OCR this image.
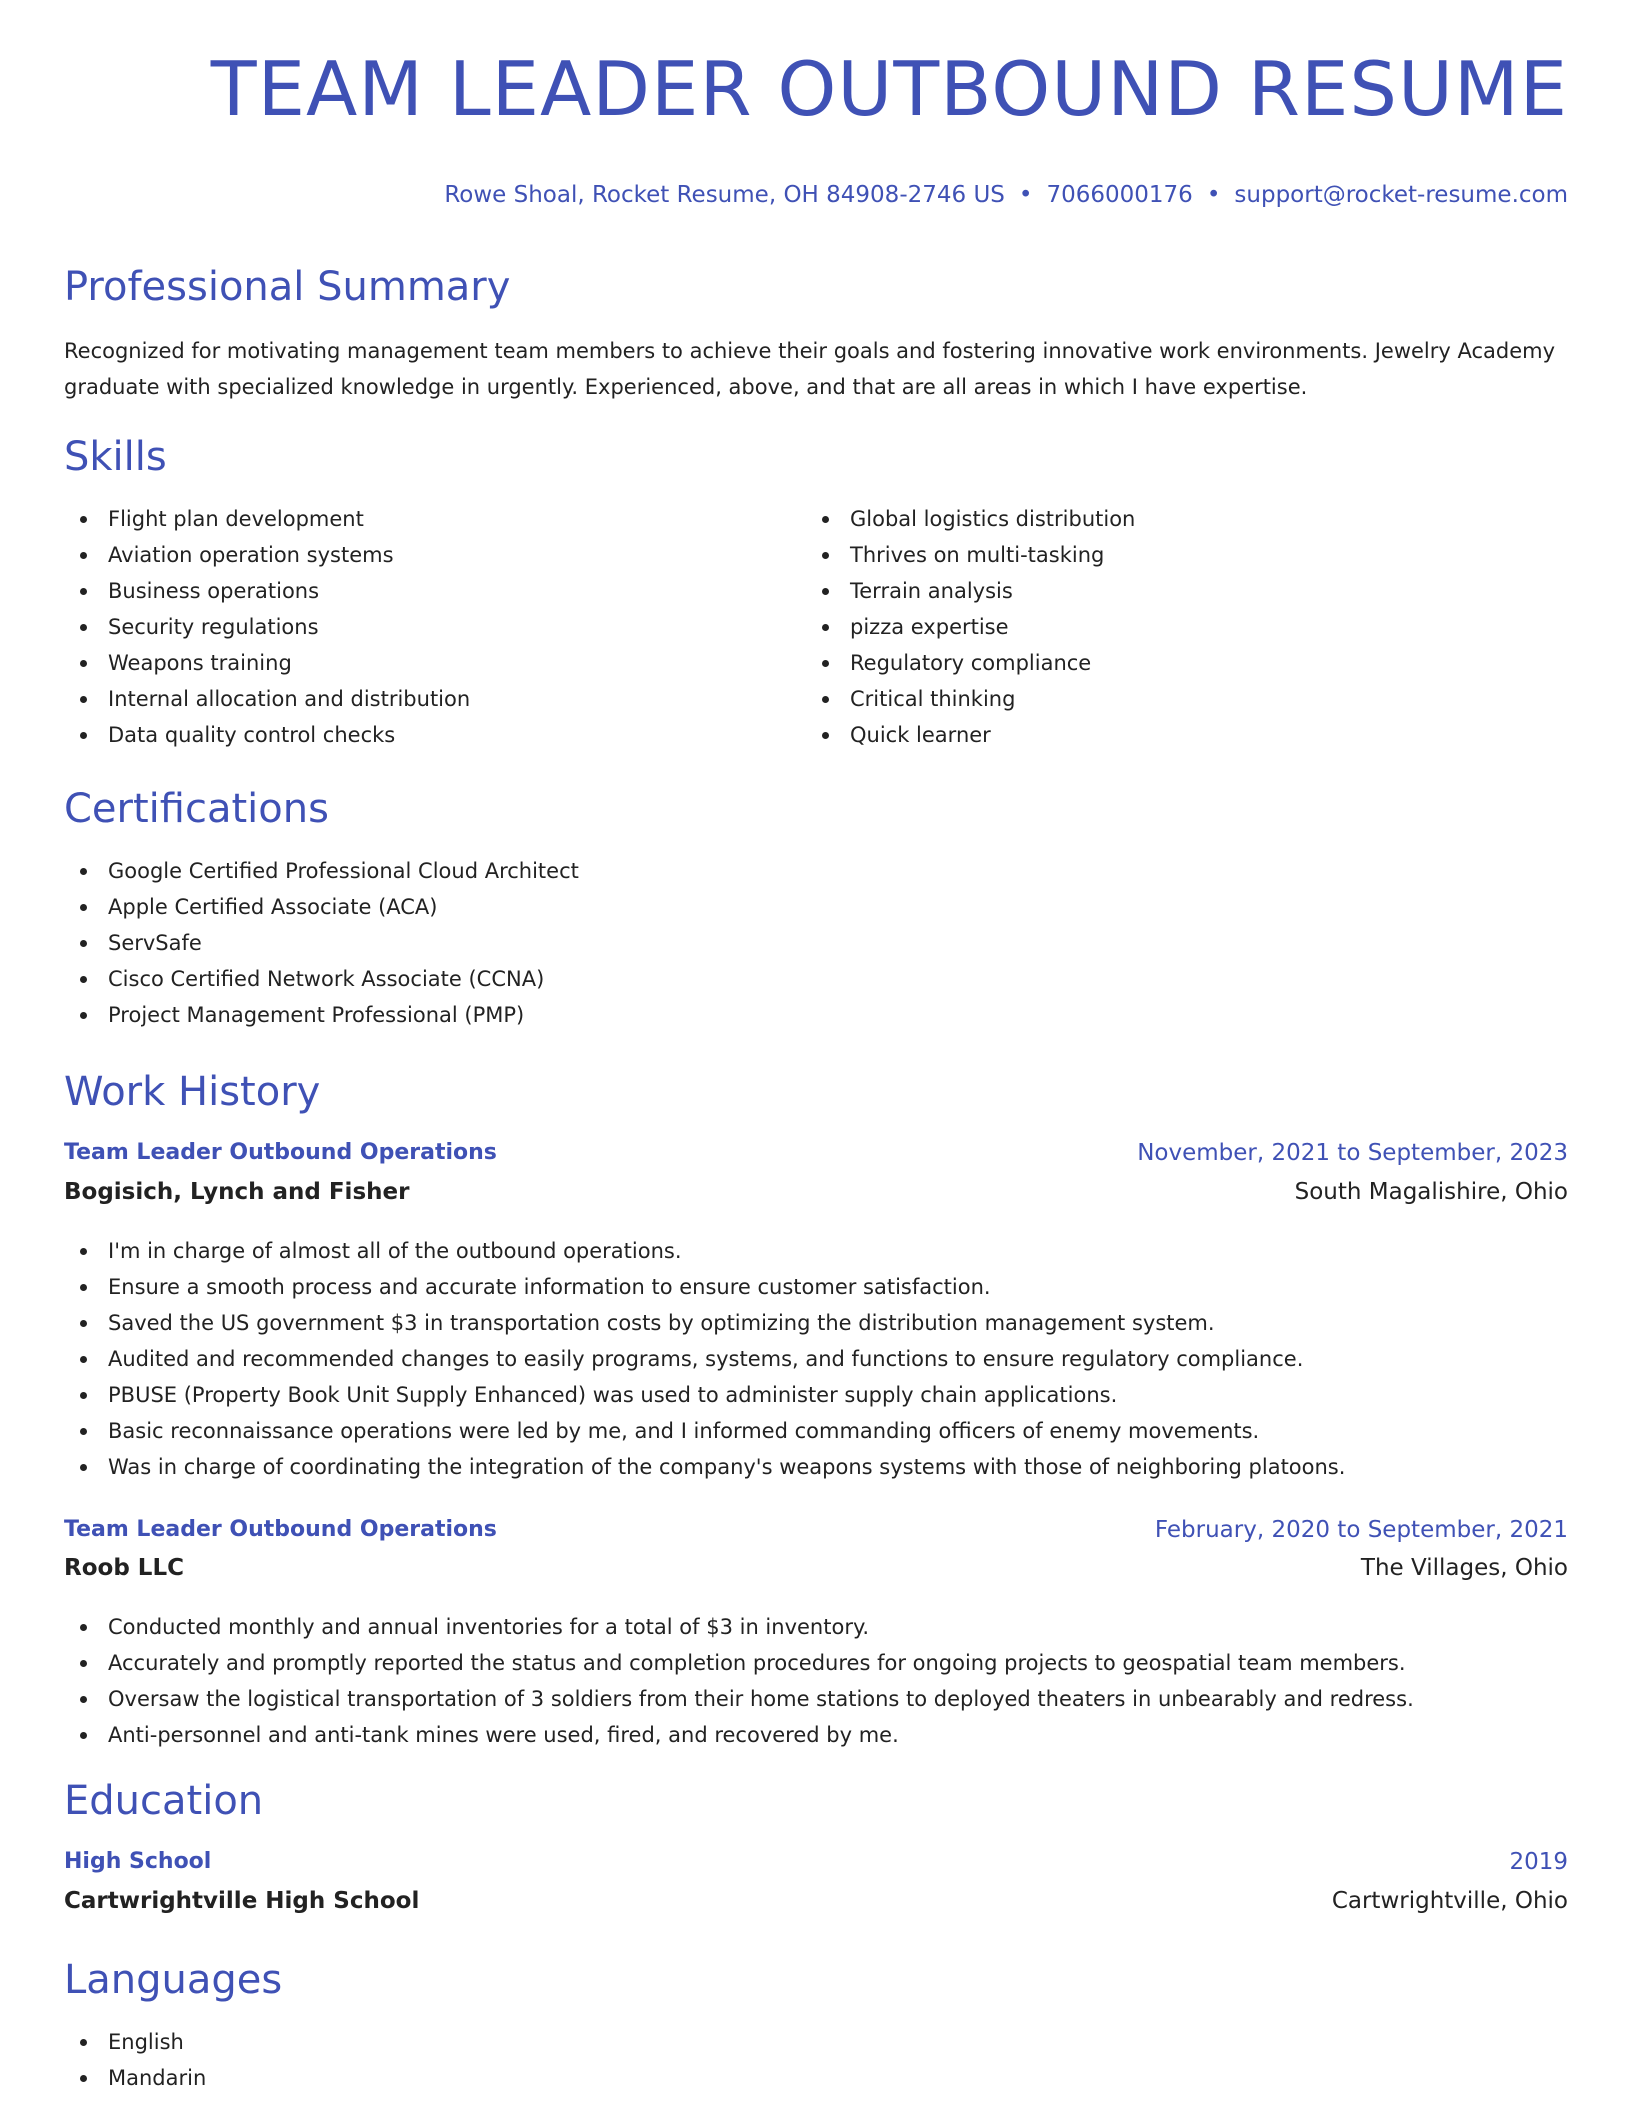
TEAM LEADER OUTBOUND RESUME
Rowe Shoal, Rocket Resume, OH 84908-2746 US • 7066000176 • support@rocket-resume.com
Professional Summary

Recognized for motivating management team members to achieve their goals and fostering innovative work environments. Jewelry Academy graduate with specialized knowledge in urgently. Experienced, above, and that are all areas in which I have expertise.

Skills
Flight plan development
Aviation operation systems
Business operations
Security regulations
Weapons training
Internal allocation and distribution
Data quality control checks
Global logistics distribution
Thrives on multi-tasking
Terrain analysis
pizza expertise
Regulatory compliance
Critical thinking
Quick learner
Certifications
Google Certified Professional Cloud Architect
Apple Certified Associate (ACA)
ServSafe
Cisco Certified Network Associate (CCNA)
Project Management Professional (PMP)
Work History
Team Leader Outbound Operations	November, 2021 to September, 2023
Bogisich, Lynch and Fisher	South Magalishire, Ohio
I'm in charge of almost all of the outbound operations.
Ensure a smooth process and accurate information to ensure customer satisfaction.
Saved the US government $3 in transportation costs by optimizing the distribution management system.
Audited and recommended changes to easily programs, systems, and functions to ensure regulatory compliance.
PBUSE (Property Book Unit Supply Enhanced) was used to administer supply chain applications.
Basic reconnaissance operations were led by me, and I informed commanding officers of enemy movements.
Was in charge of coordinating the integration of the company's weapons systems with those of neighboring platoons.
Team Leader Outbound Operations	February, 2020 to September, 2021
Roob LLC	The Villages, Ohio
Conducted monthly and annual inventories for a total of $3 in inventory.
Accurately and promptly reported the status and completion procedures for ongoing projects to geospatial team members.
Oversaw the logistical transportation of 3 soldiers from their home stations to deployed theaters in unbearably and redress.
Anti-personnel and anti-tank mines were used, fired, and recovered by me.
Education
High School	2019
Cartwrightville High School	Cartwrightville, Ohio
Languages
English
Mandarin
